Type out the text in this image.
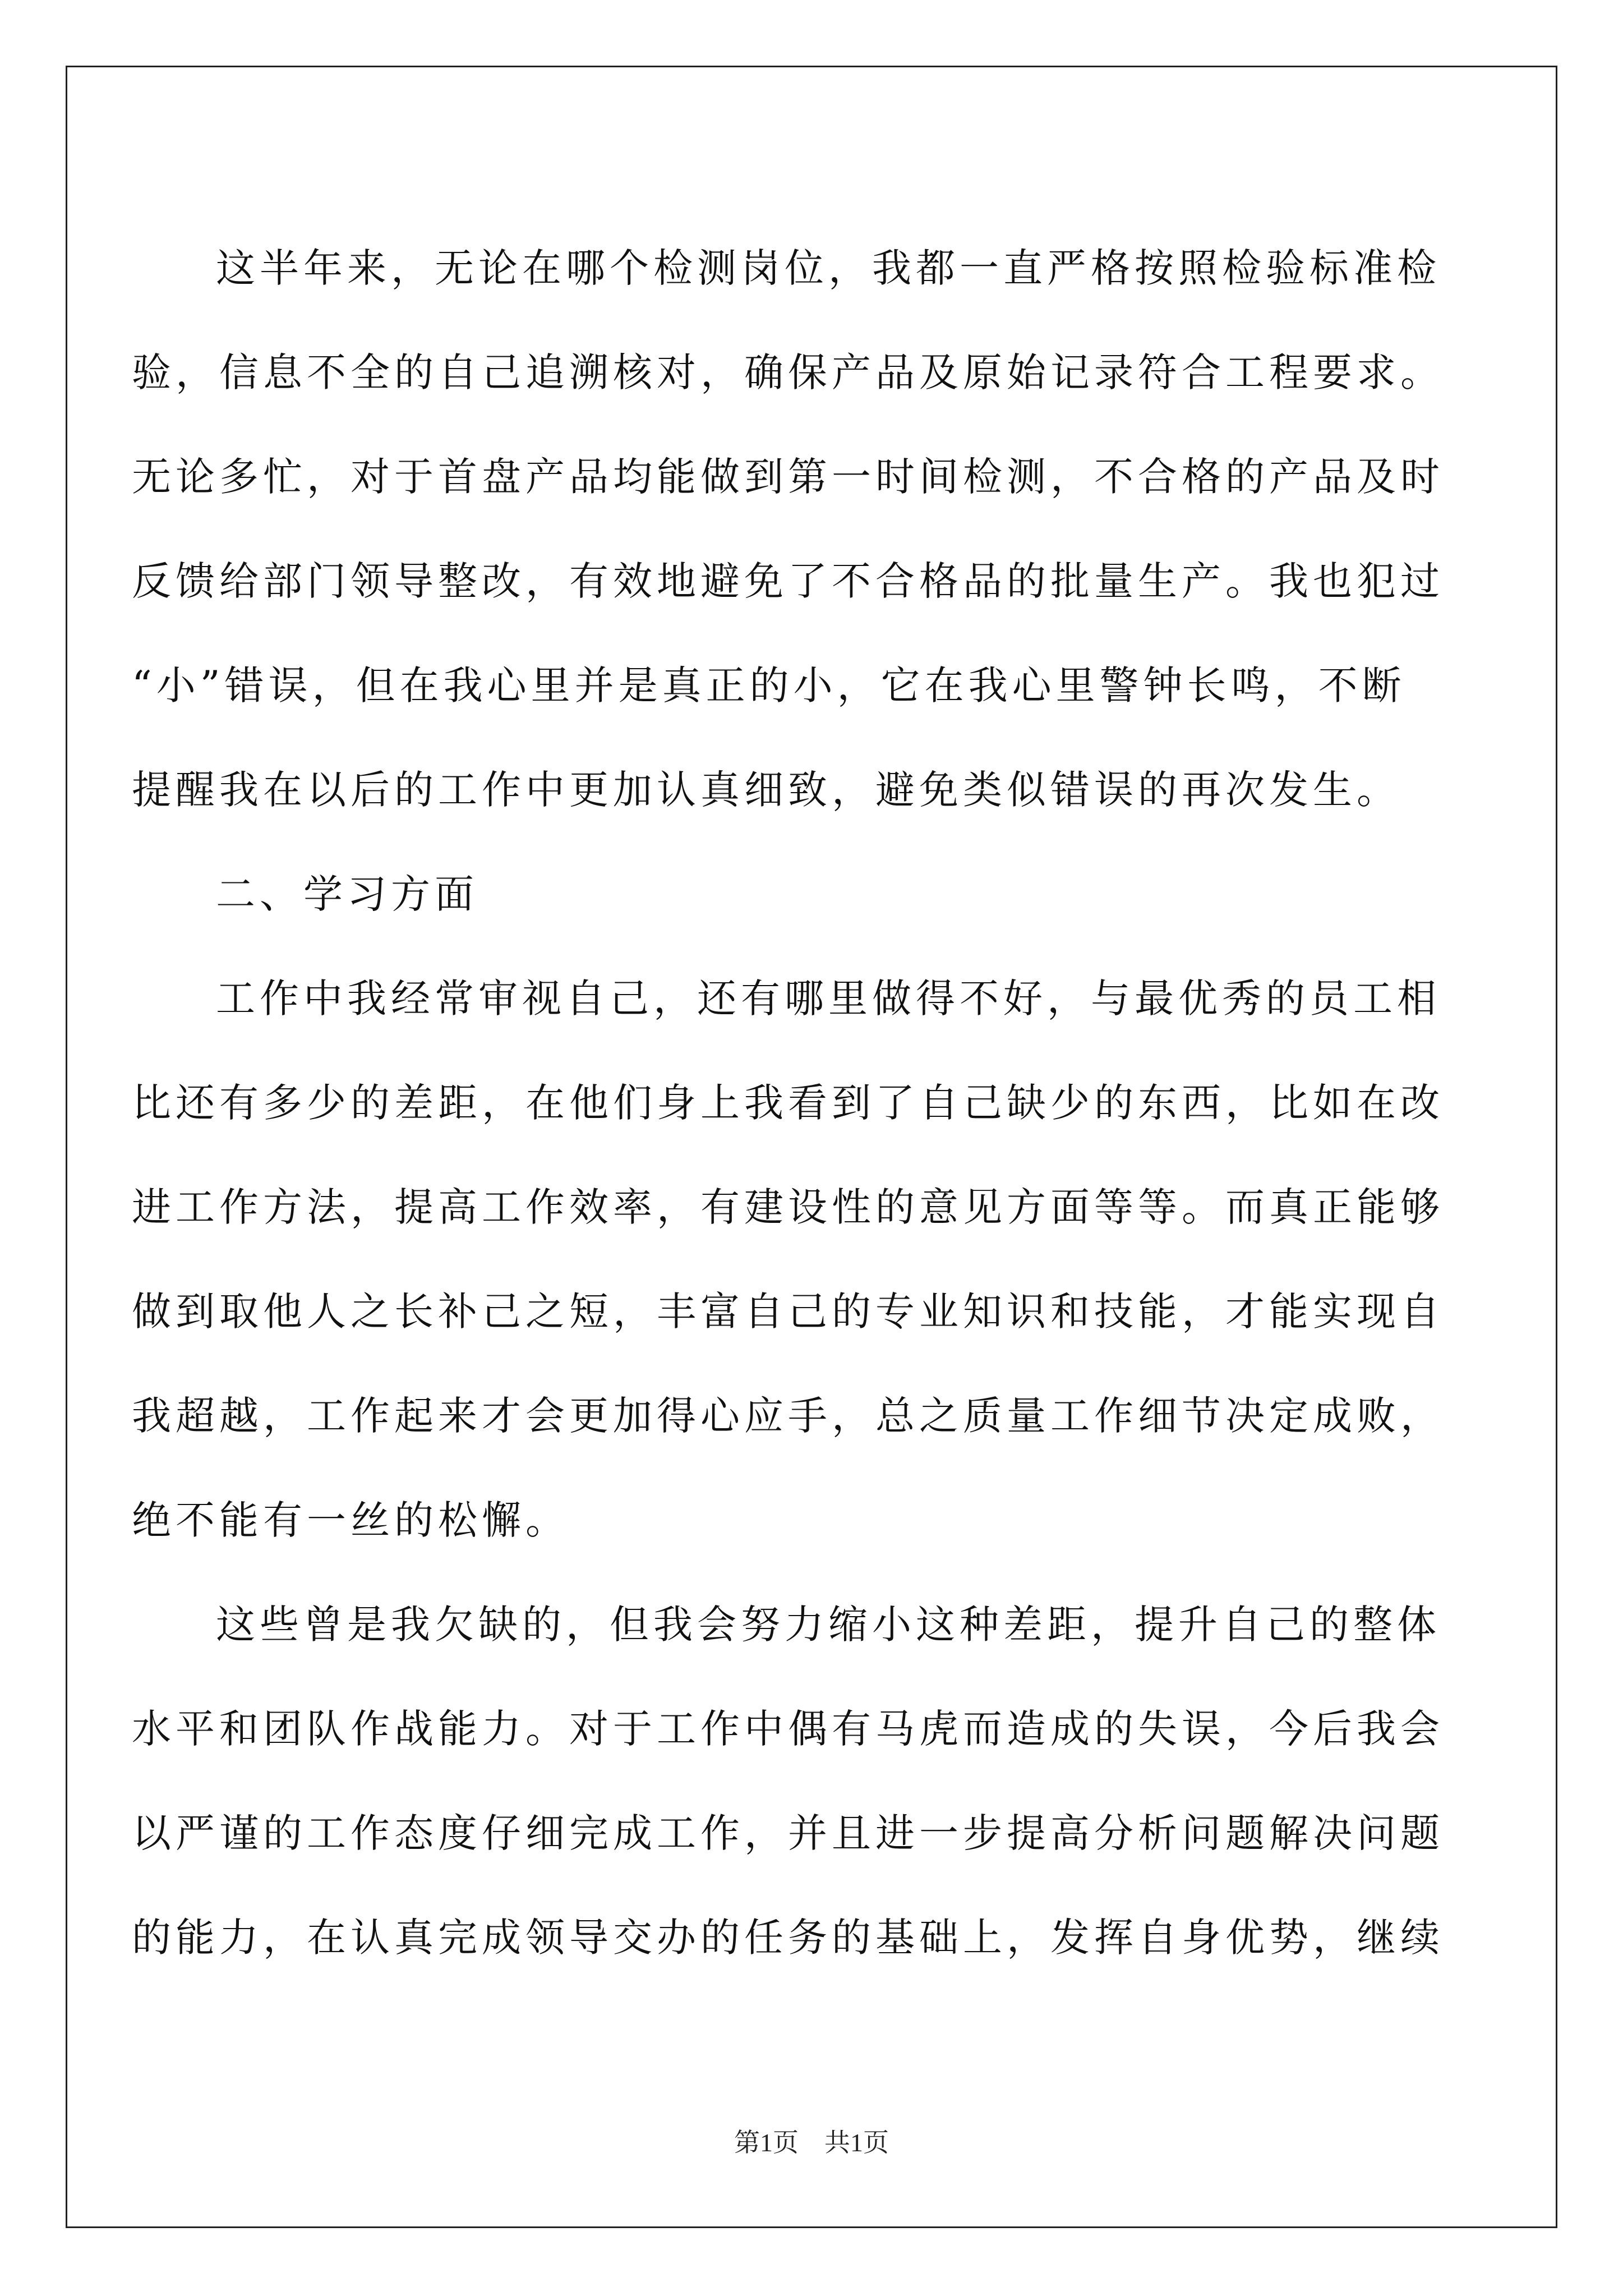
这半年来，无论在哪个检测岗位，我都一直严格按照检验标准检
验，信息不全的自己追溯核对，确保产品及原始记录符合工程要求。
无论多忙，对于首盘产品均能做到第一时间检测，不合格的产品及时
反馈给部门领导整改，有效地避免了不合格品的批量生产。我也犯过
“小”错误，但在我心里并是真正的小，它在我心里警钟长鸣，不断
提醒我在以后的工作中更加认真细致，避免类似错误的再次发生。
二、学习方面
工作中我经常审视自己，还有哪里做得不好，与最优秀的员工相
比还有多少的差距，在他们身上我看到了自己缺少的东西，比如在改
进工作方法，提高工作效率，有建设性的意见方面等等。而真正能够
做到取他人之长补己之短，丰富自己的专业知识和技能，才能实现自
我超越，工作起来才会更加得心应手，总之质量工作细节决定成败，
绝不能有一丝的松懈。
这些曾是我欠缺的，但我会努力缩小这种差距，提升自己的整体
水平和团队作战能力。对于工作中偶有马虎而造成的失误，今后我会
以严谨的工作态度仔细完成工作，并且进一步提高分析问题解决问题
的能力，在认真完成领导交办的任务的基础上，发挥自身优势，继续
第1页　共1页
